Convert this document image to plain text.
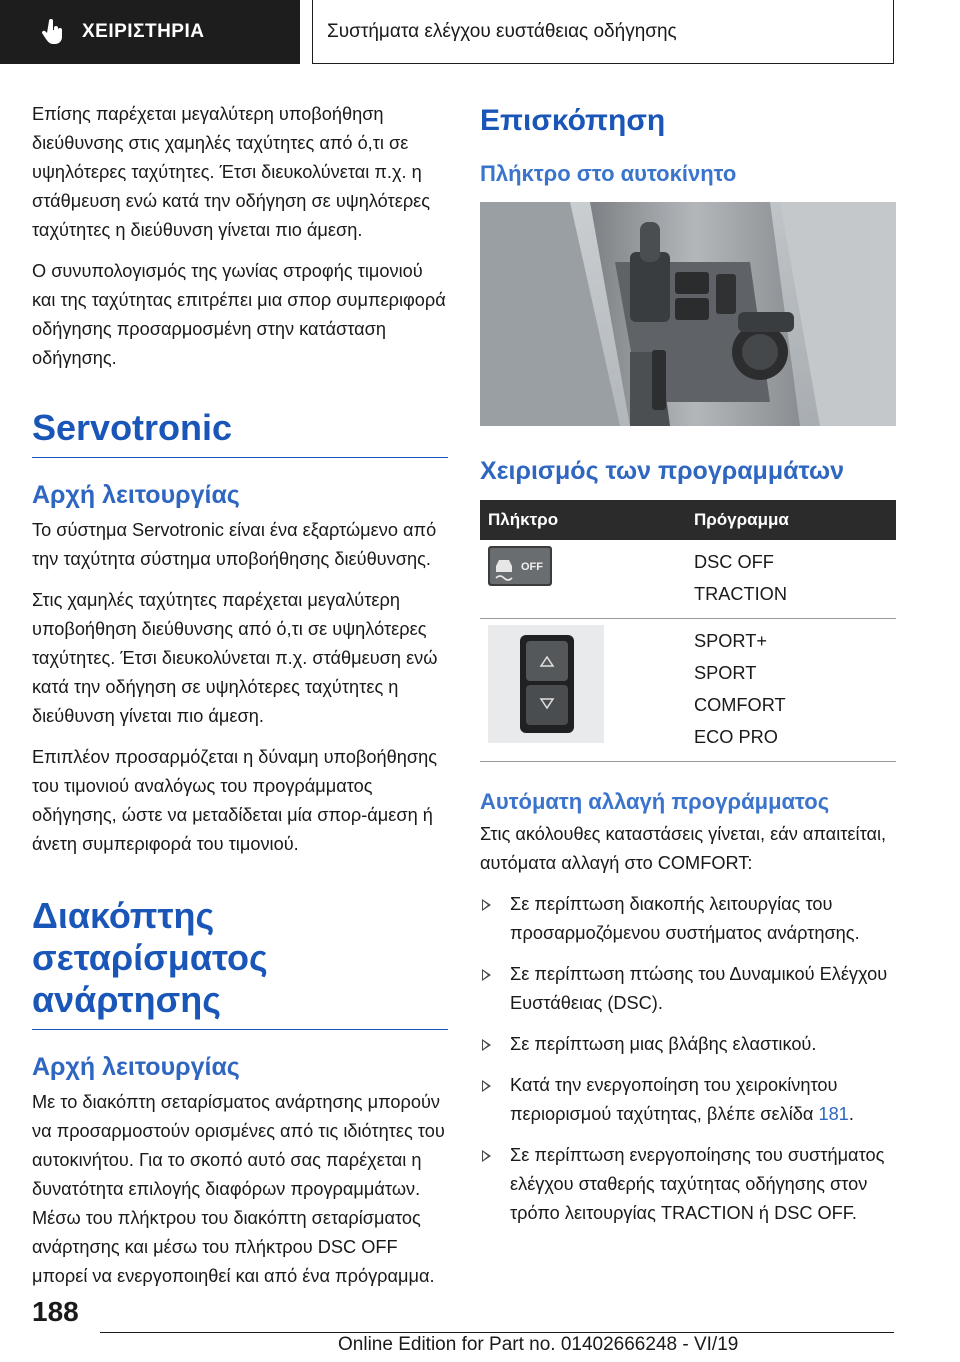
ΧΕΙΡΙΣΤΗΡΙΑ	Συστήματα ελέγχου ευστάθειας οδήγησης

Επίσης παρέχεται μεγαλύτερη υποβοήθηση διεύθυνσης στις χαμηλές ταχύτητες από ό,τι σε υψηλότερες ταχύτητες. Έτσι διευκολύνεται π.χ. η στάθμευση ενώ κατά την οδήγηση σε υψηλότερες ταχύτητες η διεύθυνση γίνεται πιο άμεση.

Ο συνυπολογισμός της γωνίας στροφής τιμονιού και της ταχύτητας επιτρέπει μια σπορ συμπεριφορά οδήγησης προσαρμοσμένη στην κατάσταση οδήγησης.

Servotronic
Αρχή λειτουργίας

Το σύστημα Servotronic είναι ένα εξαρτώμενο από την ταχύτητα σύστημα υποβοήθησης διεύθυνσης.

Στις χαμηλές ταχύτητες παρέχεται μεγαλύτερη υποβοήθηση διεύθυνσης από ό,τι σε υψηλότερες ταχύτητες. Έτσι διευκολύνεται π.χ. στάθμευση ενώ κατά την οδήγηση σε υψηλότερες ταχύτητες η διεύθυνση γίνεται πιο άμεση.

Επιπλέον προσαρμόζεται η δύναμη υποβοήθησης του τιμονιού αναλόγως του προγράμματος οδήγησης, ώστε να μεταδίδεται μία σπορ-άμεση ή άνετη συμπεριφορά του τιμονιού.

Διακόπτης σεταρίσματος ανάρτησης
Αρχή λειτουργίας

Με το διακόπτη σεταρίσματος ανάρτησης μπορούν να προσαρμοστούν ορισμένες από τις ιδιότητες του αυτοκινήτου. Για το σκοπό αυτό σας παρέχεται η δυνατότητα επιλογής διαφόρων προγραμμάτων. Μέσω του πλήκτρου του διακόπτη σεταρίσματος ανάρτησης και μέσω του πλήκτρου DSC OFF μπορεί να ενεργοποιηθεί και από ένα πρόγραμμα.

Επισκόπηση
Πλήκτρο στο αυτοκίνητο
Χειρισμός των προγραμμάτων
Πλήκτρο	Πρόγραμμα

OFF	DSC OFF
TRACTION

SPORT+
SPORT
COMFORT
ECO PRO
Αυτόματη αλλαγή προγράμματος

Στις ακόλουθες καταστάσεις γίνεται, εάν απαιτείται, αυτόματα αλλαγή στο COMFORT:

Σε περίπτωση διακοπής λειτουργίας του προσαρμοζόμενου συστήματος ανάρτησης.
Σε περίπτωση πτώσης του Δυναμικού Ελέγχου Ευστάθειας (DSC).
Σε περίπτωση μιας βλάβης ελαστικού.
Κατά την ενεργοποίηση του χειροκίνητου περιορισμού ταχύτητας, βλέπε σελίδα 181.
Σε περίπτωση ενεργοποίησης του συστήματος ελέγχου σταθερής ταχύτητας οδήγησης στον τρόπο λειτουργίας TRACTION ή DSC OFF.
188
Online Edition for Part no. 01402666248 - VI/19
